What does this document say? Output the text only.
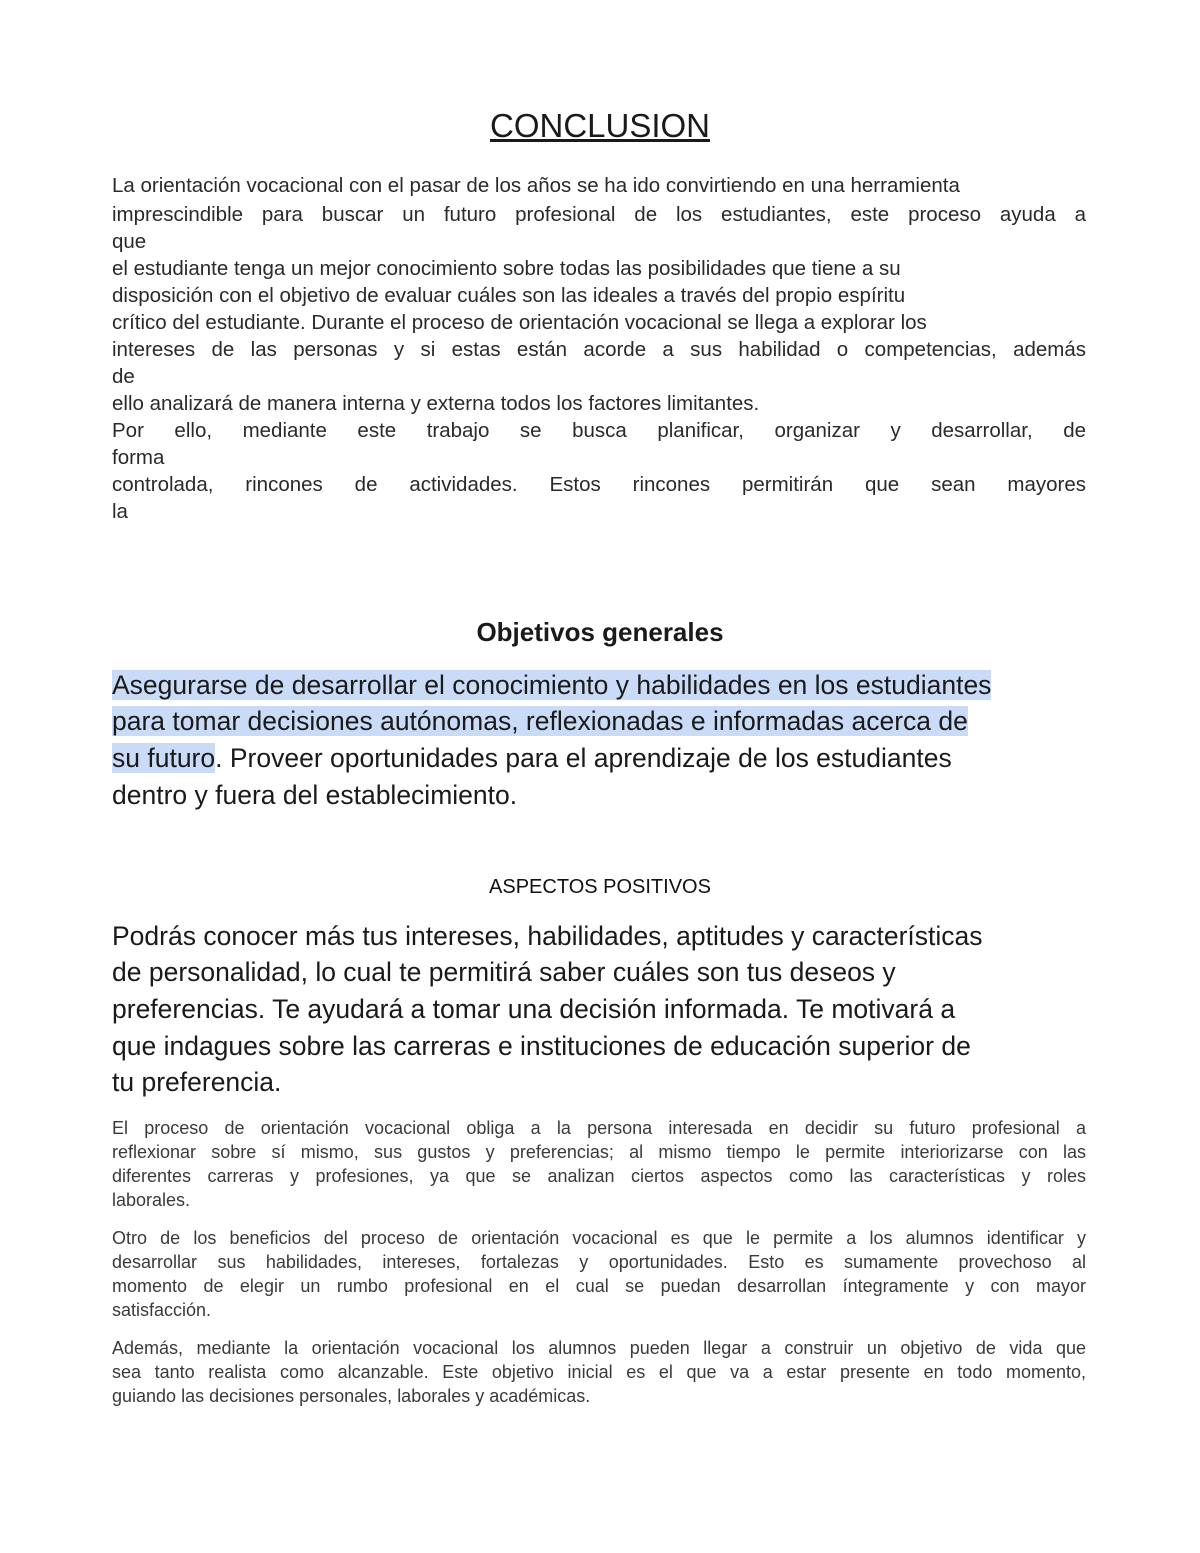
CONCLUSION
La orientación vocacional con el pasar de los años se ha ido convirtiendo en una herramienta
imprescindible para buscar un futuro profesional de los estudiantes, este proceso ayuda a
que
el estudiante tenga un mejor conocimiento sobre todas las posibilidades que tiene a su
disposición con el objetivo de evaluar cuáles son las ideales a través del propio espíritu
crítico del estudiante. Durante el proceso de orientación vocacional se llega a explorar los
intereses de las personas y si estas están acorde a sus habilidad o competencias, además
de
ello analizará de manera interna y externa todos los factores limitantes.
Por ello, mediante este trabajo se busca planificar, organizar y desarrollar, de
forma
controlada, rincones de actividades. Estos rincones permitirán que sean mayores
la
Objetivos generales
Asegurarse de desarrollar el conocimiento y habilidades en los estudiantes
para tomar decisiones autónomas, reflexionadas e informadas acerca de
su futuro. Proveer oportunidades para el aprendizaje de los estudiantes
dentro y fuera del establecimiento.
ASPECTOS POSITIVOS
Podrás conocer más tus intereses, habilidades, aptitudes y características
de personalidad, lo cual te permitirá saber cuáles son tus deseos y
preferencias. Te ayudará a tomar una decisión informada. Te motivará a
que indagues sobre las carreras e instituciones de educación superior de
tu preferencia.
El proceso de orientación vocacional obliga a la persona interesada en decidir su futuro profesional a
reflexionar sobre sí mismo, sus gustos y preferencias; al mismo tiempo le permite interiorizarse con las
diferentes carreras y profesiones, ya que se analizan ciertos aspectos como las características y roles
laborales.
Otro de los beneficios del proceso de orientación vocacional es que le permite a los alumnos identificar y
desarrollar sus habilidades, intereses, fortalezas y oportunidades. Esto es sumamente provechoso al
momento de elegir un rumbo profesional en el cual se puedan desarrollan íntegramente y con mayor
satisfacción.
Además, mediante la orientación vocacional los alumnos pueden llegar a construir un objetivo de vida que
sea tanto realista como alcanzable. Este objetivo inicial es el que va a estar presente en todo momento,
guiando las decisiones personales, laborales y académicas.
